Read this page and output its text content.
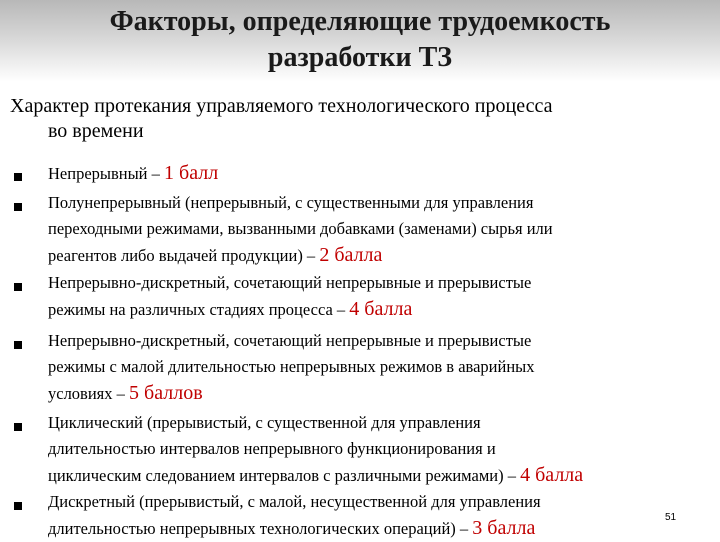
Факторы, определяющие трудоемкость
разработки ТЗ
Характер протекания управляемого технологического процесса
во времени
Непрерывный – 1 балл
Полунепрерывный (непрерывный, с существенными для управления
переходными режимами, вызванными добавками (заменами) сырья или
реагентов либо выдачей продукции) – 2 балла
Непрерывно-дискретный, сочетающий непрерывные и прерывистые
режимы на различных стадиях процесса – 4 балла
Непрерывно-дискретный, сочетающий непрерывные и прерывистые
режимы с малой длительностью непрерывных режимов в аварийных
условиях – 5 баллов
Циклический (прерывистый, с существенной для управления
длительностью интервалов непрерывного функционирования и
циклическим следованием интервалов с различными режимами) – 4 балла
Дискретный (прерывистый, с малой, несущественной для управления
длительностью непрерывных технологических операций) – 3 балла	51
